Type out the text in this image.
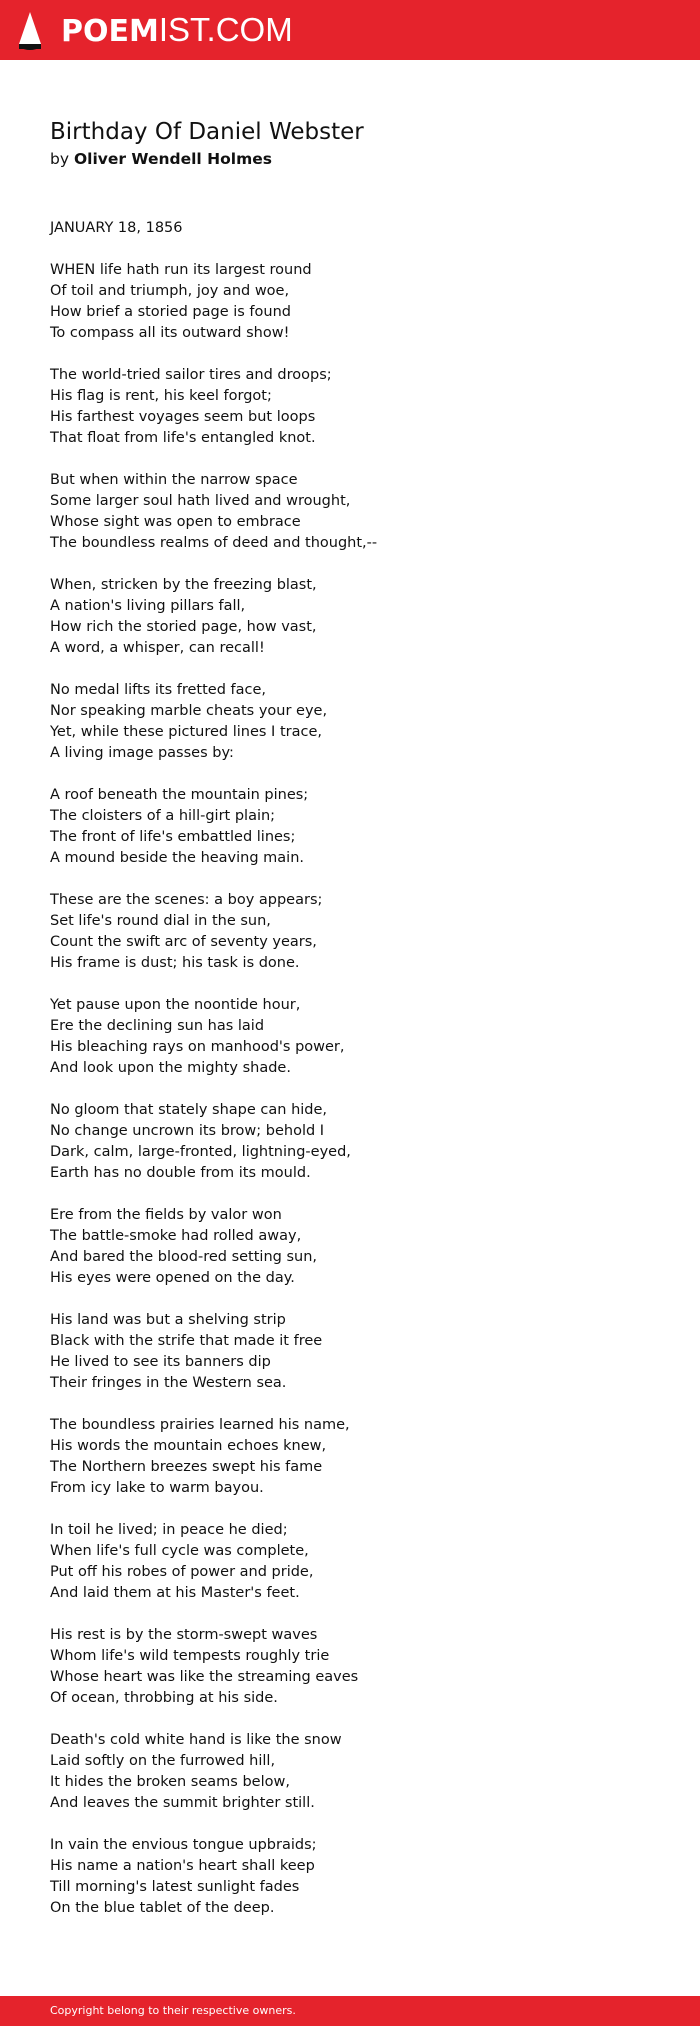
POEMIST.COM
Birthday Of Daniel Webster
by Oliver Wendell Holmes
JANUARY 18, 1856
WHEN life hath run its largest round
Of toil and triumph, joy and woe,
How brief a storied page is found
To compass all its outward show!
The world-tried sailor tires and droops;
His flag is rent, his keel forgot;
His farthest voyages seem but loops
That float from life's entangled knot.
But when within the narrow space
Some larger soul hath lived and wrought,
Whose sight was open to embrace
The boundless realms of deed and thought,--
When, stricken by the freezing blast,
A nation's living pillars fall,
How rich the storied page, how vast,
A word, a whisper, can recall!
No medal lifts its fretted face,
Nor speaking marble cheats your eye,
Yet, while these pictured lines I trace,
A living image passes by:
A roof beneath the mountain pines;
The cloisters of a hill-girt plain;
The front of life's embattled lines;
A mound beside the heaving main.
These are the scenes: a boy appears;
Set life's round dial in the sun,
Count the swift arc of seventy years,
His frame is dust; his task is done.
Yet pause upon the noontide hour,
Ere the declining sun has laid
His bleaching rays on manhood's power,
And look upon the mighty shade.
No gloom that stately shape can hide,
No change uncrown its brow; behold I
Dark, calm, large-fronted, lightning-eyed,
Earth has no double from its mould.
Ere from the fields by valor won
The battle-smoke had rolled away,
And bared the blood-red setting sun,
His eyes were opened on the day.
His land was but a shelving strip
Black with the strife that made it free
He lived to see its banners dip
Their fringes in the Western sea.
The boundless prairies learned his name,
His words the mountain echoes knew,
The Northern breezes swept his fame
From icy lake to warm bayou.
In toil he lived; in peace he died;
When life's full cycle was complete,
Put off his robes of power and pride,
And laid them at his Master's feet.
His rest is by the storm-swept waves
Whom life's wild tempests roughly trie
Whose heart was like the streaming eaves
Of ocean, throbbing at his side.
Death's cold white hand is like the snow
Laid softly on the furrowed hill,
It hides the broken seams below,
And leaves the summit brighter still.
In vain the envious tongue upbraids;
His name a nation's heart shall keep
Till morning's latest sunlight fades
On the blue tablet of the deep.
Copyright belong to their respective owners.
